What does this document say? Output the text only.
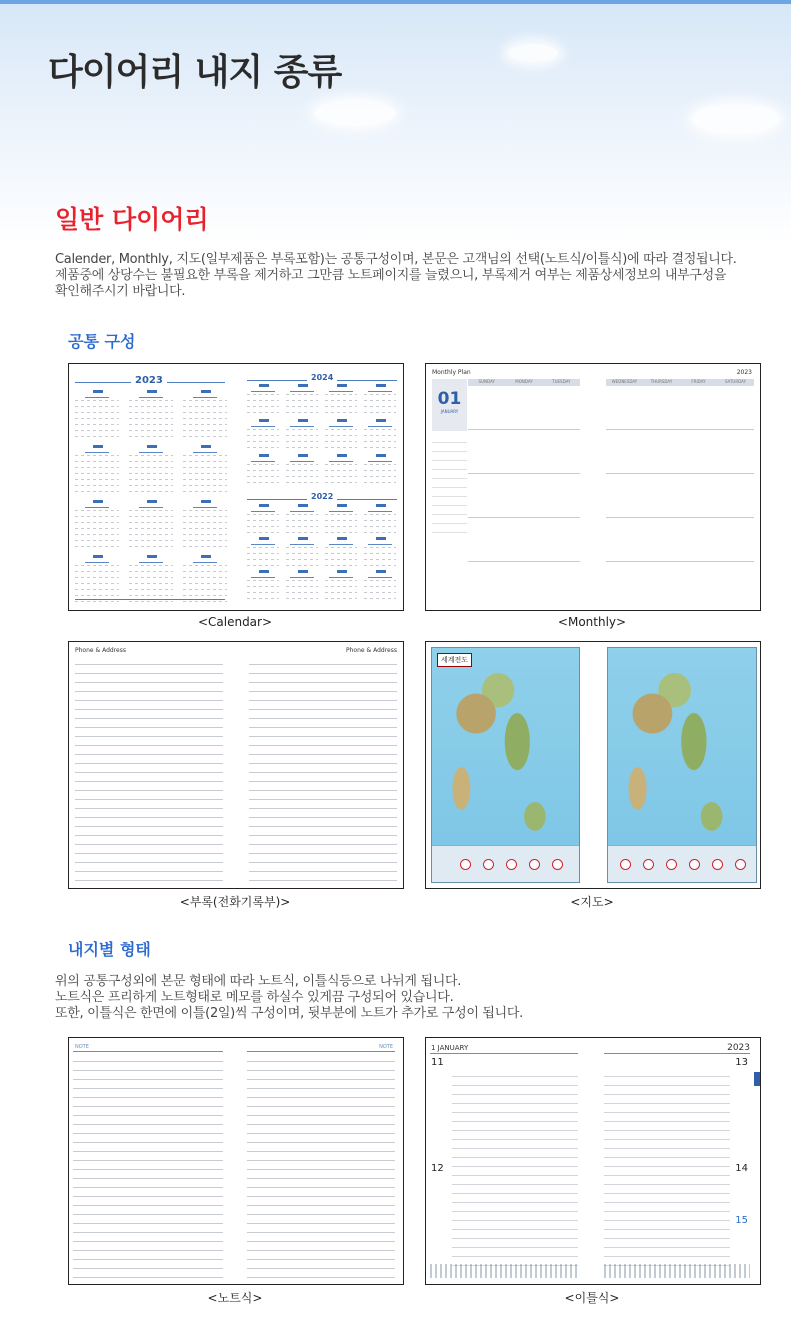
다이어리 내지 종류
일반 다이어리

Calender, Monthly, 지도(일부제품은 부록포함)는 공통구성이며, 본문은 고객님의 선택(노트식/이틀식)에 따라 결정됩니다.
제품중에 상당수는 불필요한 부록을 제거하고 그만큼 노트페이지를 늘렸으니, 부록제거 여부는 제품상세정보의 내부구성을
확인해주시기 바랍니다.

공통 구성
2023	2024
2022
<Calendar>
Monthly Plan	2023
01
JANUARY
SUNDAY	MONDAY	TUESDAY	WEDNESDAY	THURSDAY	FRIDAY	SATURDAY
<Monthly>
Phone & Address	Phone & Address
<부록(전화기록부)>
세계전도
<지도>
내지별 형태

위의 공통구성외에 본문 형태에 따라 노트식, 이틀식등으로 나뉘게 됩니다.
노트식은 프리하게 노트형태로 메모를 하실수 있게끔 구성되어 있습니다.
또한, 이틀식은 한면에 이틀(2일)씩 구성이며, 뒷부분에 노트가 추가로 구성이 됩니다.

NOTE	NOTE
<노트식>
1 JANUARY	2023
11
12
13
14
15
<이틀식>
